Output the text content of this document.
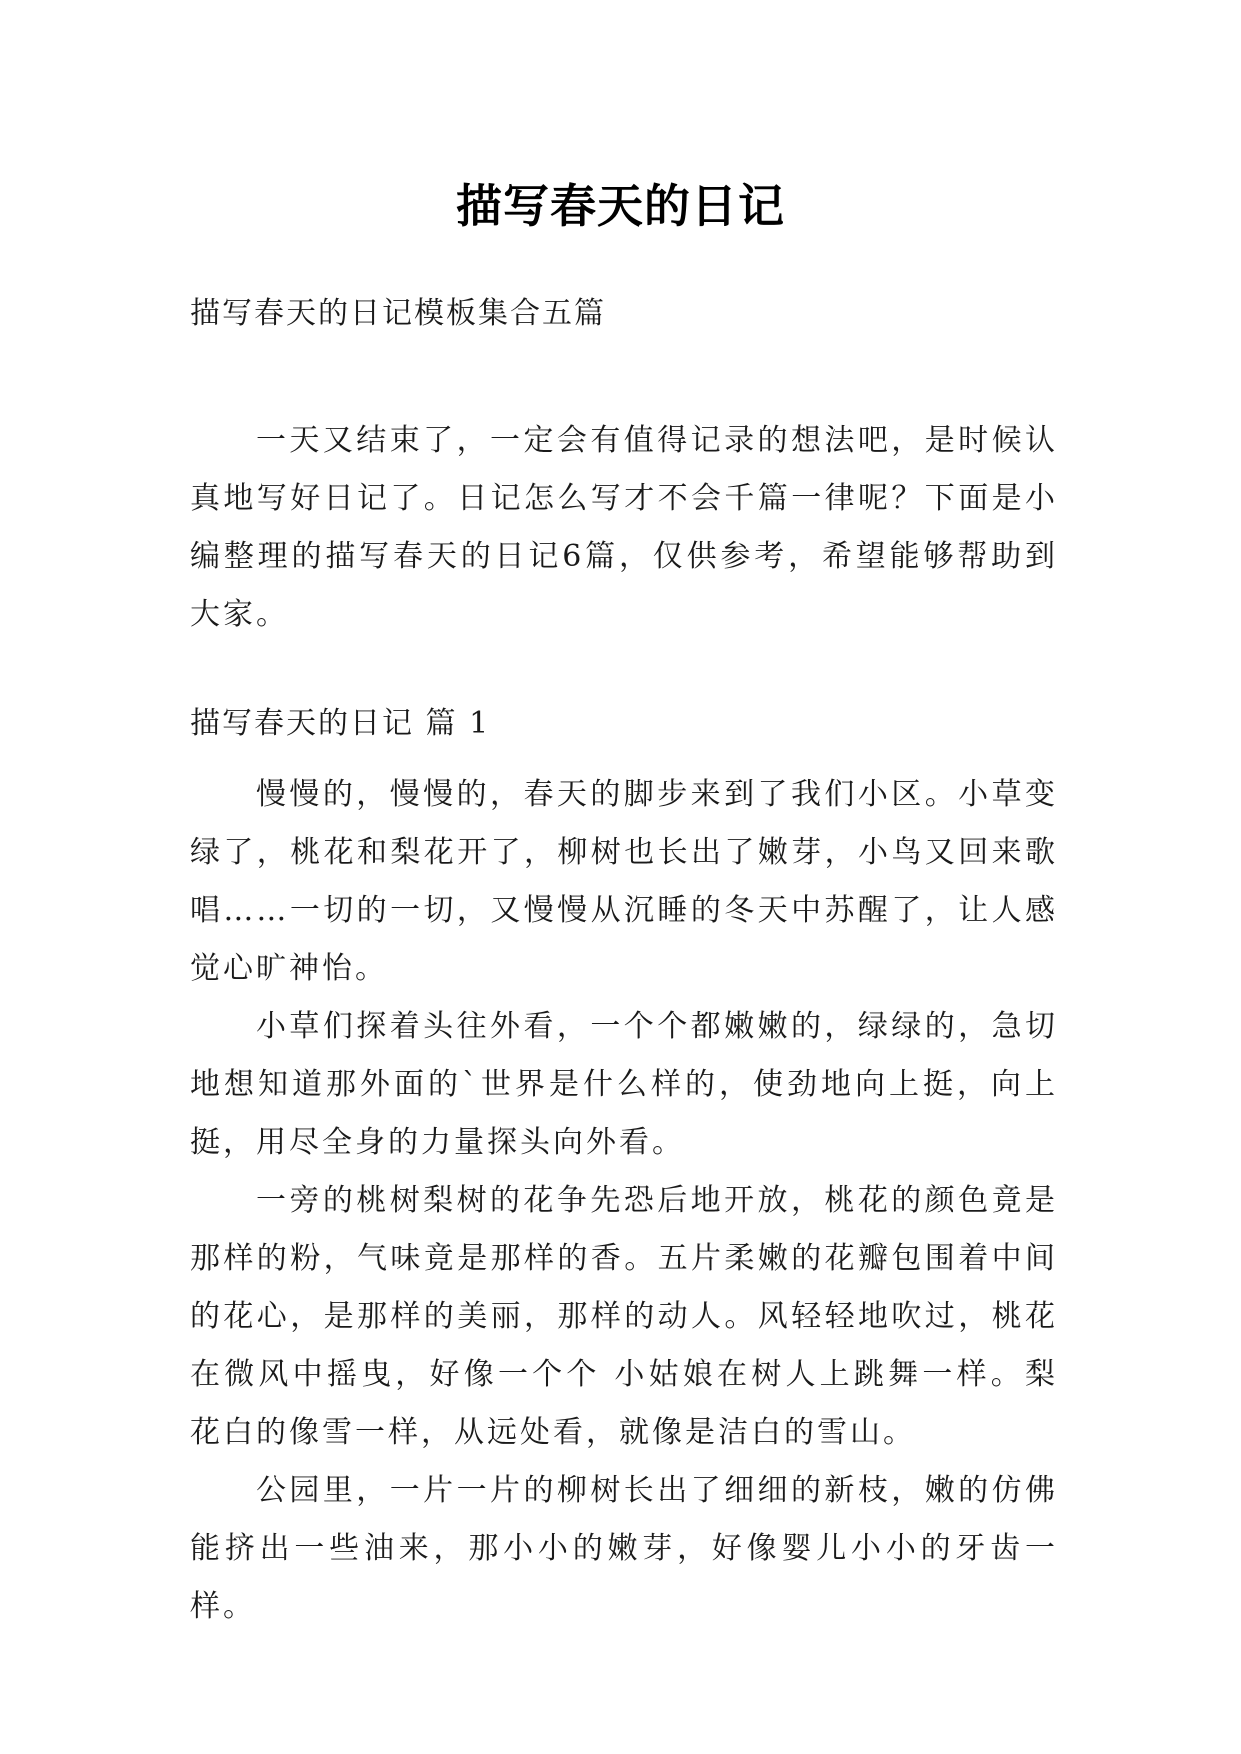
描写春天的日记
描写春天的日记模板集合五篇

一天又结束了，一定会有值得记录的想法吧，是时候认真地写好日记了。日记怎么写才不会千篇一律呢？下面是小编整理的描写春天的日记6篇，仅供参考，希望能够帮助到大家。

描写春天的日记 篇 1

慢慢的，慢慢的，春天的脚步来到了我们小区。小草变绿了，桃花和梨花开了，柳树也长出了嫩芽，小鸟又回来歌唱……一切的一切，又慢慢从沉睡的冬天中苏醒了，让人感觉心旷神怡。

小草们探着头往外看，一个个都嫩嫩的，绿绿的，急切地想知道那外面的`世界是什么样的，使劲地向上挺，向上挺，用尽全身的力量探头向外看。

一旁的桃树梨树的花争先恐后地开放，桃花的颜色竟是那样的粉，气味竟是那样的香。五片柔嫩的花瓣包围着中间的花心，是那样的美丽，那样的动人。风轻轻地吹过，桃花在微风中摇曳，好像一个个 小姑娘在树人上跳舞一样。梨花白的像雪一样，从远处看，就像是洁白的雪山。

公园里，一片一片的柳树长出了细细的新枝，嫩的仿佛能挤出一些油来，那小小的嫩芽，好像婴儿小小的牙齿一样。
